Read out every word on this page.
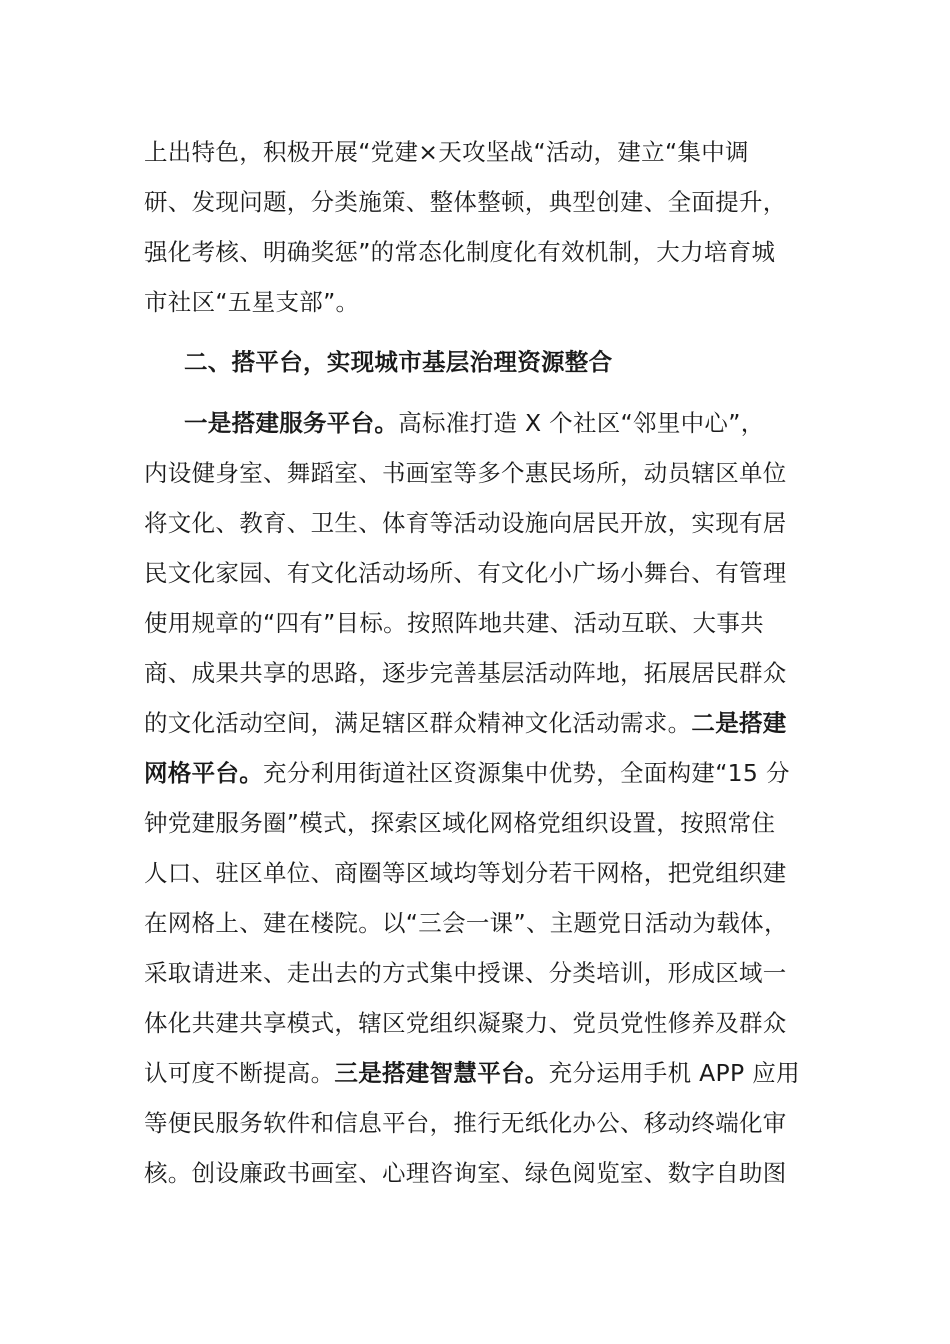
上出特色，积极开展“党建×天攻坚战“活动，建立“集中调
研、发现问题，分类施策、整体整顿，典型创建、全面提升，
强化考核、明确奖惩”的常态化制度化有效机制，大力培育城
市社区“五星支部”。
二、搭平台，实现城市基层治理资源整合
一是搭建服务平台。高标准打造 X 个社区“邻里中心”，
内设健身室、舞蹈室、书画室等多个惠民场所，动员辖区单位
将文化、教育、卫生、体育等活动设施向居民开放，实现有居
民文化家园、有文化活动场所、有文化小广场小舞台、有管理
使用规章的“四有”目标。按照阵地共建、活动互联、大事共
商、成果共享的思路，逐步完善基层活动阵地，拓展居民群众
的文化活动空间，满足辖区群众精神文化活动需求。二是搭建
网格平台。充分利用街道社区资源集中优势，全面构建“15 分
钟党建服务圈”模式，探索区域化网格党组织设置，按照常住
人口、驻区单位、商圈等区域均等划分若干网格，把党组织建
在网格上、建在楼院。以“三会一课”、主题党日活动为载体，
采取请进来、走出去的方式集中授课、分类培训，形成区域一
体化共建共享模式，辖区党组织凝聚力、党员党性修养及群众
认可度不断提高。三是搭建智慧平台。充分运用手机 APP 应用
等便民服务软件和信息平台，推行无纸化办公、移动终端化审
核。创设廉政书画室、心理咨询室、绿色阅览室、数字自助图
